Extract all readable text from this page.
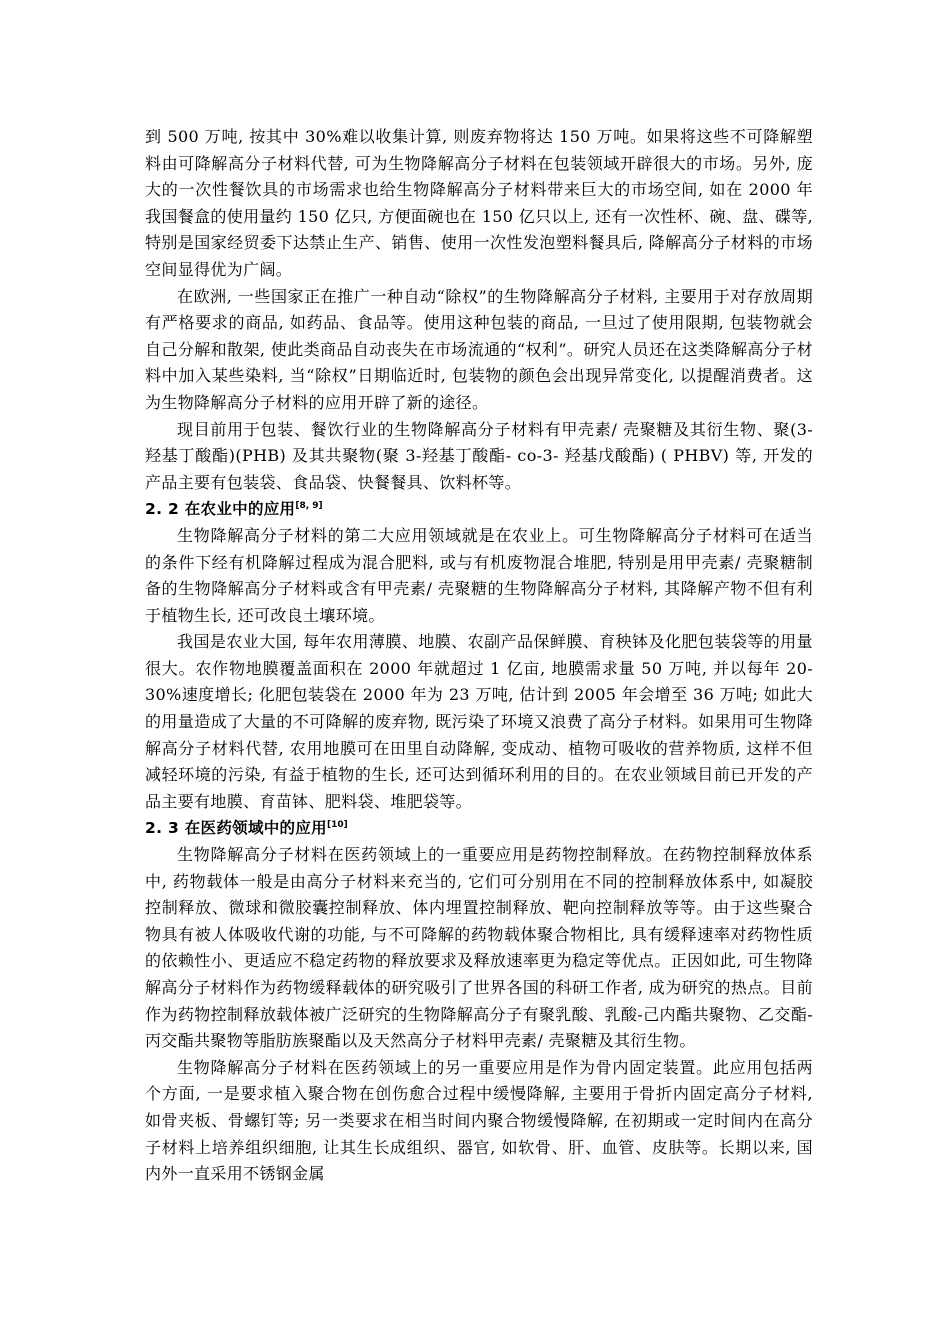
到 500 万吨, 按其中 30%难以收集计算, 则废弃物将达 150 万吨。如果将这些不可降解塑料由可降解高分子材料代替, 可为生物降解高分子材料在包装领域开辟很大的市场。另外, 庞大的一次性餐饮具的市场需求也给生物降解高分子材料带来巨大的市场空间, 如在 2000 年我国餐盒的使用量约 150 亿只, 方便面碗也在 150 亿只以上, 还有一次性杯、碗、盘、碟等, 特别是国家经贸委下达禁止生产、销售、使用一次性发泡塑料餐具后, 降解高分子材料的市场空间显得优为广阔。

在欧洲, 一些国家正在推广一种自动“除权”的生物降解高分子材料, 主要用于对存放周期有严格要求的商品, 如药品、食品等。使用这种包装的商品, 一旦过了使用限期, 包装物就会自己分解和散架, 使此类商品自动丧失在市场流通的“权利”。研究人员还在这类降解高分子材料中加入某些染料, 当“除权”日期临近时, 包装物的颜色会出现异常变化, 以提醒消费者。这为生物降解高分子材料的应用开辟了新的途径。

现目前用于包装、餐饮行业的生物降解高分子材料有甲壳素/ 壳聚糖及其衍生物、聚(3-羟基丁酸酯)(PHB) 及其共聚物(聚 3-羟基丁酸酯- co-3- 羟基戊酸酯) ( PHBV) 等, 开发的产品主要有包装袋、食品袋、快餐餐具、饮料杯等。

2. 2 在农业中的应用[8, 9]

生物降解高分子材料的第二大应用领域就是在农业上。可生物降解高分子材料可在适当的条件下经有机降解过程成为混合肥料, 或与有机废物混合堆肥, 特别是用甲壳素/ 壳聚糖制备的生物降解高分子材料或含有甲壳素/ 壳聚糖的生物降解高分子材料, 其降解产物不但有利于植物生长, 还可改良土壤环境。

我国是农业大国, 每年农用薄膜、地膜、农副产品保鲜膜、育秧钵及化肥包装袋等的用量很大。农作物地膜覆盖面积在 2000 年就超过 1 亿亩, 地膜需求量 50 万吨, 并以每年 20-30%速度增长; 化肥包装袋在 2000 年为 23 万吨, 估计到 2005 年会增至 36 万吨; 如此大的用量造成了大量的不可降解的废弃物, 既污染了环境又浪费了高分子材料。如果用可生物降解高分子材料代替, 农用地膜可在田里自动降解, 变成动、植物可吸收的营养物质, 这样不但减轻环境的污染, 有益于植物的生长, 还可达到循环利用的目的。在农业领域目前已开发的产品主要有地膜、育苗钵、肥料袋、堆肥袋等。

2. 3 在医药领域中的应用[10]

生物降解高分子材料在医药领域上的一重要应用是药物控制释放。在药物控制释放体系中, 药物载体一般是由高分子材料来充当的, 它们可分别用在不同的控制释放体系中, 如凝胶控制释放、微球和微胶囊控制释放、体内埋置控制释放、靶向控制释放等等。由于这些聚合物具有被人体吸收代谢的功能, 与不可降解的药物载体聚合物相比, 具有缓释速率对药物性质的依赖性小、更适应不稳定药物的释放要求及释放速率更为稳定等优点。正因如此, 可生物降解高分子材料作为药物缓释载体的研究吸引了世界各国的科研工作者, 成为研究的热点。目前作为药物控制释放载体被广泛研究的生物降解高分子有聚乳酸、乳酸-己内酯共聚物、乙交酯-丙交酯共聚物等脂肪族聚酯以及天然高分子材料甲壳素/ 壳聚糖及其衍生物。

生物降解高分子材料在医药领域上的另一重要应用是作为骨内固定装置。此应用包括两个方面, 一是要求植入聚合物在创伤愈合过程中缓慢降解, 主要用于骨折内固定高分子材料, 如骨夹板、骨螺钉等; 另一类要求在相当时间内聚合物缓慢降解, 在初期或一定时间内在高分子材料上培养组织细胞, 让其生长成组织、器官, 如软骨、肝、血管、皮肤等。长期以来, 国内外一直采用不锈钢金属
